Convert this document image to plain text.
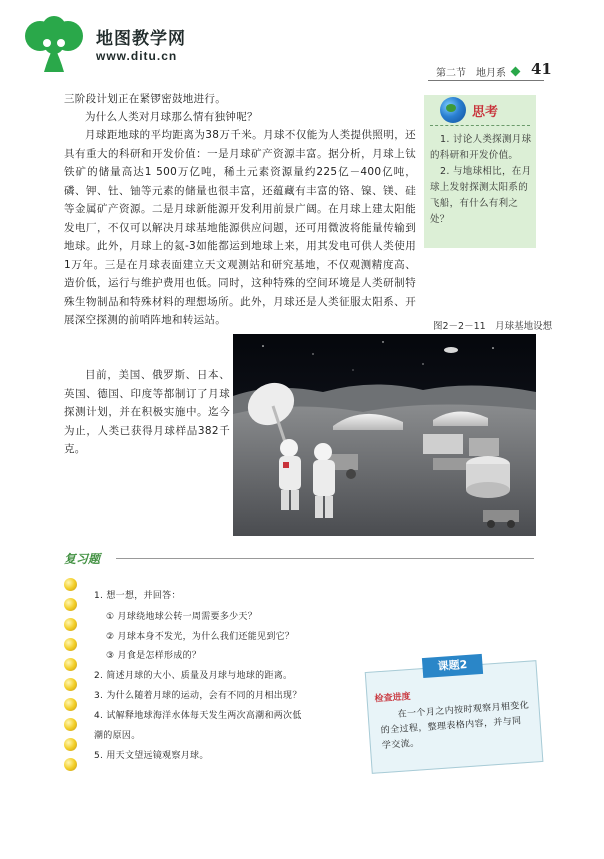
地图教学网
www.ditu.cn
第二节　地月系 41
三阶段计划正在紧锣密鼓地进行。
为什么人类对月球那么情有独钟呢？
月球距地球的平均距离为38万千米。月球不仅能为人类提供照明，还具有重大的科研和开发价值：一是月球矿产资源丰富。据分析，月球上钛铁矿的储量高达1 500万亿吨，稀土元素资源量约225亿－400亿吨，磷、钾、钍、铀等元素的储量也很丰富，还蕴藏有丰富的铬、镍、镁、硅等金属矿产资源。二是月球新能源开发利用前景广阔。在月球上建太阳能发电厂，不仅可以解决月球基地能源供应问题，还可用微波将能量传输到地球。此外，月球上的氦-3如能都运到地球上来，用其发电可供人类使用1万年。三是在月球表面建立天文观测站和研究基地，不仅观测精度高、造价低，运行与维护费用也低。同时，这种特殊的空间环境是人类研制特殊生物制品和特殊材料的理想场所。此外，月球还是人类征服太阳系、开展深空探测的前哨阵地和转运站。
目前，美国、俄罗斯、日本、英国、德国、印度等都制订了月球探测计划，并在积极实施中。迄今为止，人类已获得月球样品382千克。
思考
1. 讨论人类探测月球的科研和开发价值。
2. 与地球相比，在月球上发射探测太阳系的飞船，有什么有利之处？
图2－2－11　月球基地设想
复习题
1. 想一想，并回答：
① 月球绕地球公转一周需要多少天？
② 月球本身不发光，为什么我们还能见到它？
③ 月食是怎样形成的？
2. 简述月球的大小、质量及月球与地球的距离。
3. 为什么随着月球的运动，会有不同的月相出现？
4. 试解释地球海洋水体每天发生两次高潮和两次低
潮的原因。
5. 用天文望远镜观察月球。
课题2
检查进度
在一个月之内按时观察月相变化的全过程，整理表格内容，并与同学交流。
